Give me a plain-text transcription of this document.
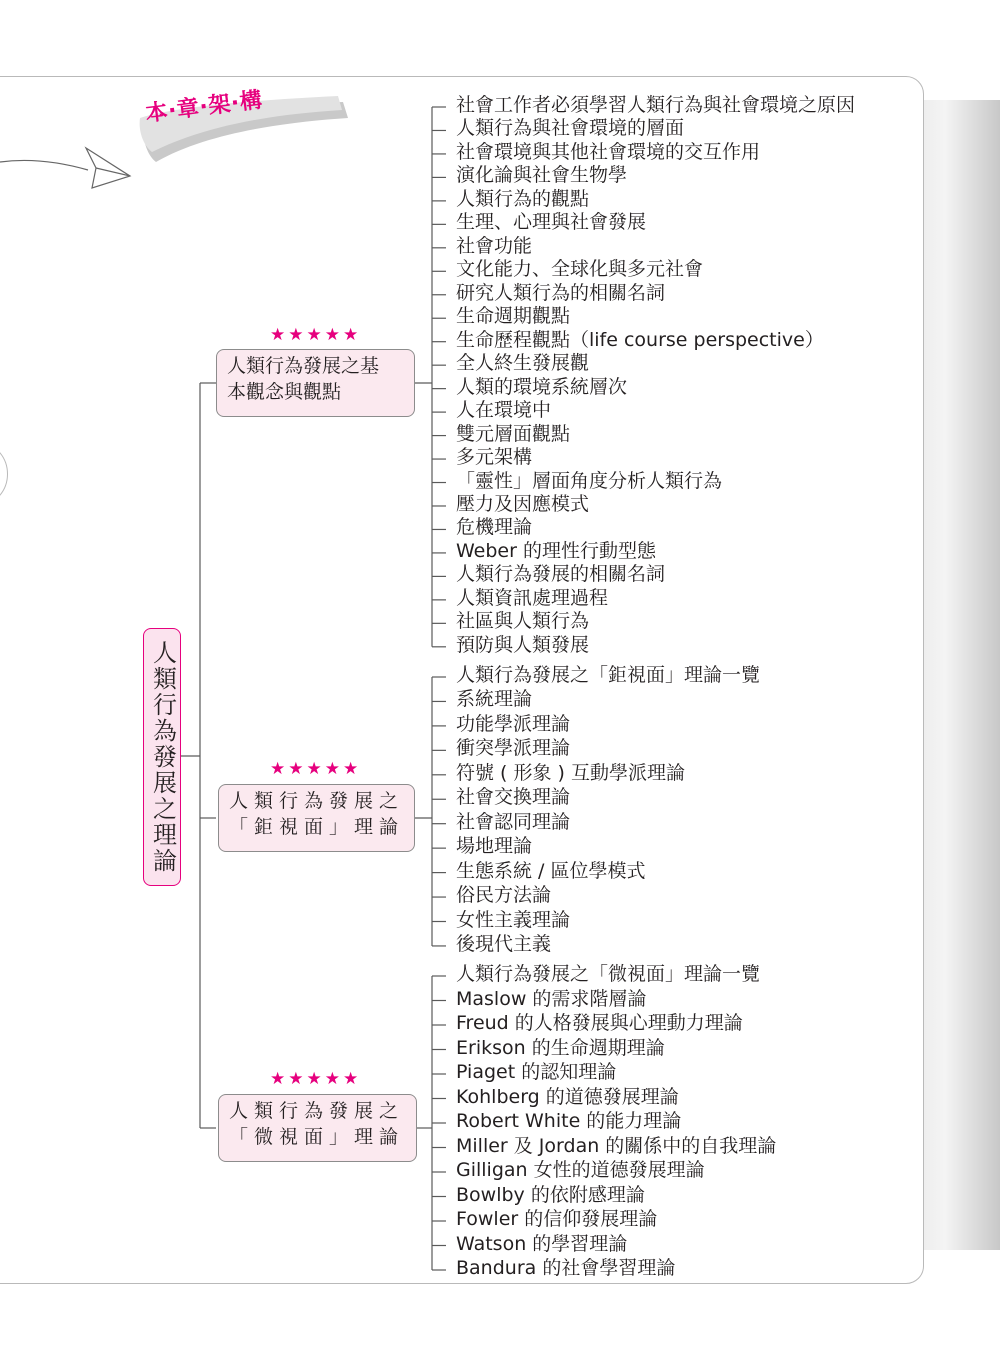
本‧章‧架‧構
人類行為發展之理論
★★★★★
人類行為發展之基
本觀念與觀點
★★★★★
人類行為發展之
「鉅視面」理論
★★★★★
人類行為發展之
「微視面」理論
社會工作者必須學習人類行為與社會環境之原因
人類行為與社會環境的層面
社會環境與其他社會環境的交互作用
演化論與社會生物學
人類行為的觀點
生理、心理與社會發展
社會功能
文化能力、全球化與多元社會
研究人類行為的相關名詞
生命週期觀點
生命歷程觀點（life course perspective）
全人終生發展觀
人類的環境系統層次
人在環境中
雙元層面觀點
多元架構
「靈性」層面角度分析人類行為
壓力及因應模式
危機理論
Weber 的理性行動型態
人類行為發展的相關名詞
人類資訊處理過程
社區與人類行為
預防與人類發展
人類行為發展之「鉅視面」理論一覽
系統理論
功能學派理論
衝突學派理論
符號 ( 形象 ) 互動學派理論
社會交換理論
社會認同理論
場地理論
生態系統 / 區位學模式
俗民方法論
女性主義理論
後現代主義
人類行為發展之「微視面」理論一覽
Maslow 的需求階層論
Freud 的人格發展與心理動力理論
Erikson 的生命週期理論
Piaget 的認知理論
Kohlberg 的道德發展理論
Robert White 的能力理論
Miller 及 Jordan 的關係中的自我理論
Gilligan 女性的道德發展理論
Bowlby 的依附感理論
Fowler 的信仰發展理論
Watson 的學習理論
Bandura 的社會學習理論
